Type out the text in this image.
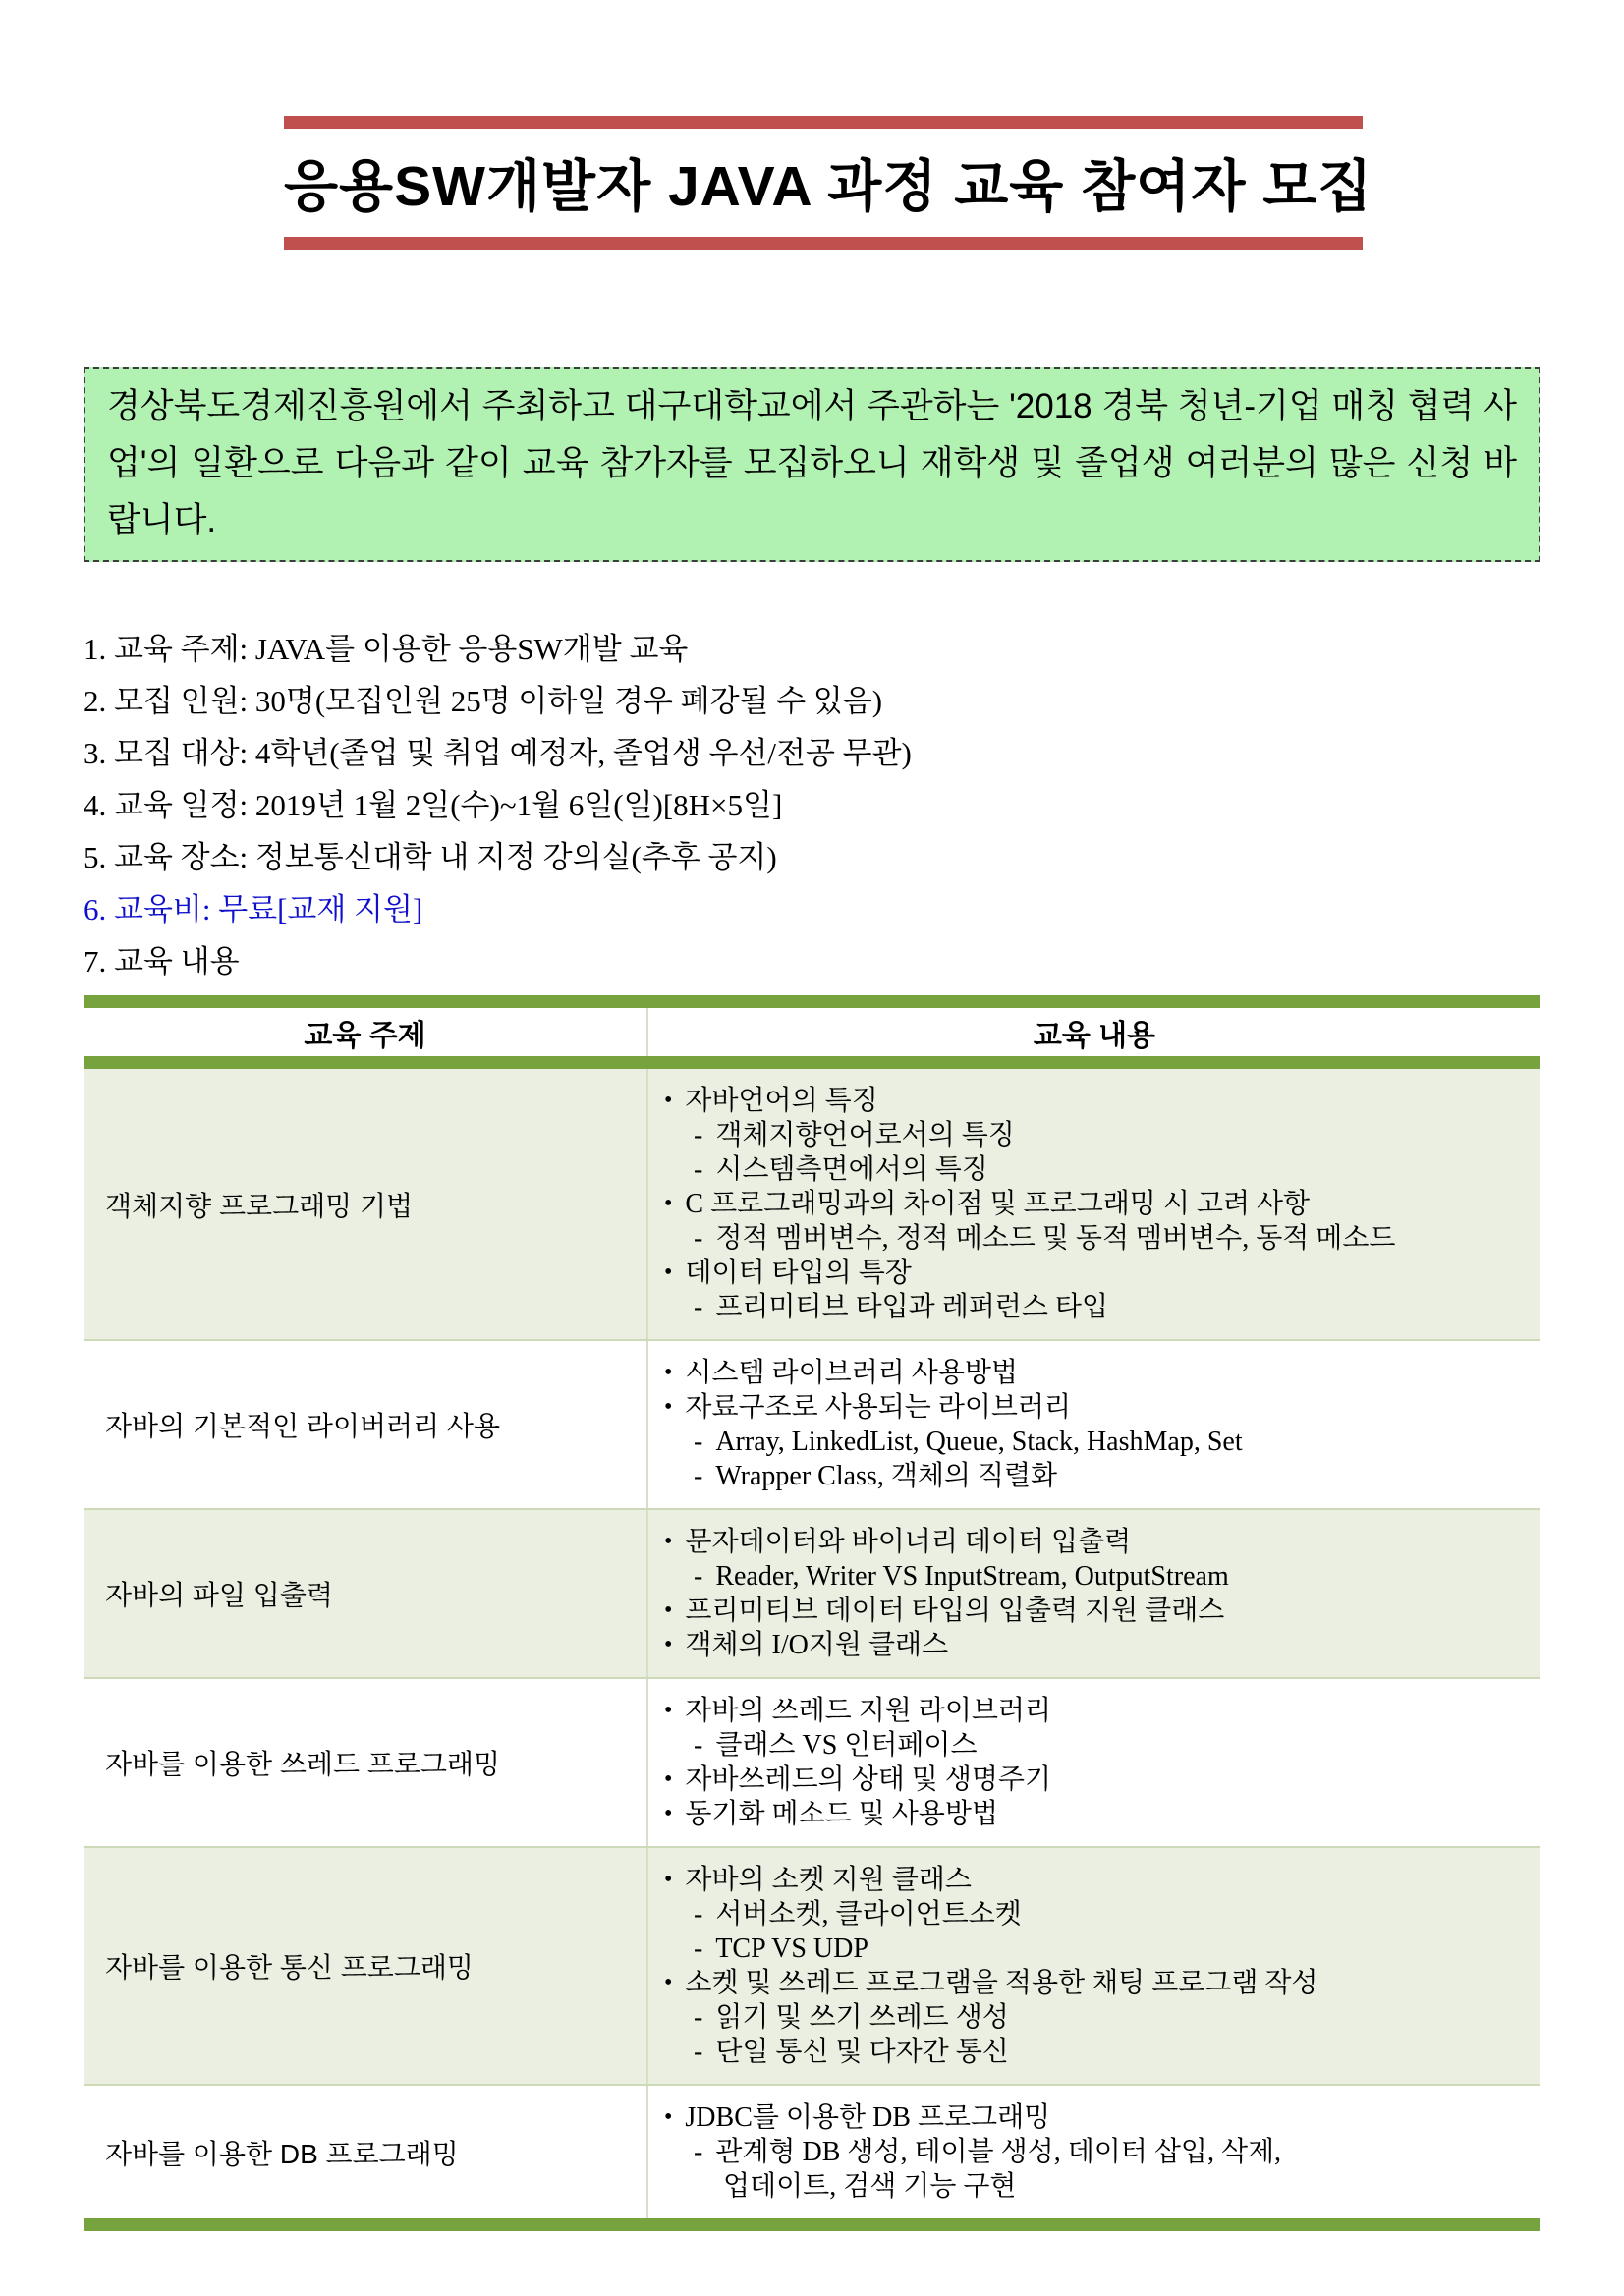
응용SW개발자 JAVA 과정 교육 참여자 모집
경상북도경제진흥원에서 주최하고 대구대학교에서 주관하는 '2018 경북 청년-기업 매칭 협력 사업'의 일환으로 다음과 같이 교육 참가자를 모집하오니 재학생 및 졸업생 여러분의 많은 신청 바랍니다.
1. 교육 주제: JAVA를 이용한 응용SW개발 교육
2. 모집 인원: 30명(모집인원 25명 이하일 경우 폐강될 수 있음)
3. 모집 대상: 4학년(졸업 및 취업 예정자, 졸업생 우선/전공 무관)
4. 교육 일정: 2019년 1월 2일(수)~1월 6일(일)[8H×5일]
5. 교육 장소: 정보통신대학 내 지정 강의실(추후 공지)
6. 교육비: 무료[교재 지원]
7. 교육 내용
교육 주제	교육 내용
객체지향 프로그래밍 기법
• 자바언어의 특징
- 객체지향언어로서의 특징
- 시스템측면에서의 특징
• C 프로그래밍과의 차이점 및 프로그래밍 시 고려 사항
- 정적 멤버변수, 정적 메소드 및 동적 멤버변수, 동적 메소드
• 데이터 타입의 특장
- 프리미티브 타입과 레퍼런스 타입
자바의 기본적인 라이버러리 사용
• 시스템 라이브러리 사용방법
• 자료구조로 사용되는 라이브러리
- Array, LinkedList, Queue, Stack, HashMap, Set
- Wrapper Class, 객체의 직렬화
자바의 파일 입출력
• 문자데이터와 바이너리 데이터 입출력
- Reader, Writer VS InputStream, OutputStream
• 프리미티브 데이터 타입의 입출력 지원 클래스
• 객체의 I/O지원 클래스
자바를 이용한 쓰레드 프로그래밍
• 자바의 쓰레드 지원 라이브러리
- 클래스 VS 인터페이스
• 자바쓰레드의 상태 및 생명주기
• 동기화 메소드 및 사용방법
자바를 이용한 통신 프로그래밍
• 자바의 소켓 지원 클래스
- 서버소켓, 클라이언트소켓
- TCP VS UDP
• 소켓 및 쓰레드 프로그램을 적용한 채팅 프로그램 작성
- 읽기 및 쓰기 쓰레드 생성
- 단일 통신 및 다자간 통신
자바를 이용한 DB 프로그래밍
• JDBC를 이용한 DB 프로그래밍
- 관계형 DB 생성, 테이블 생성, 데이터 삽입, 삭제,
업데이트, 검색 기능 구현
